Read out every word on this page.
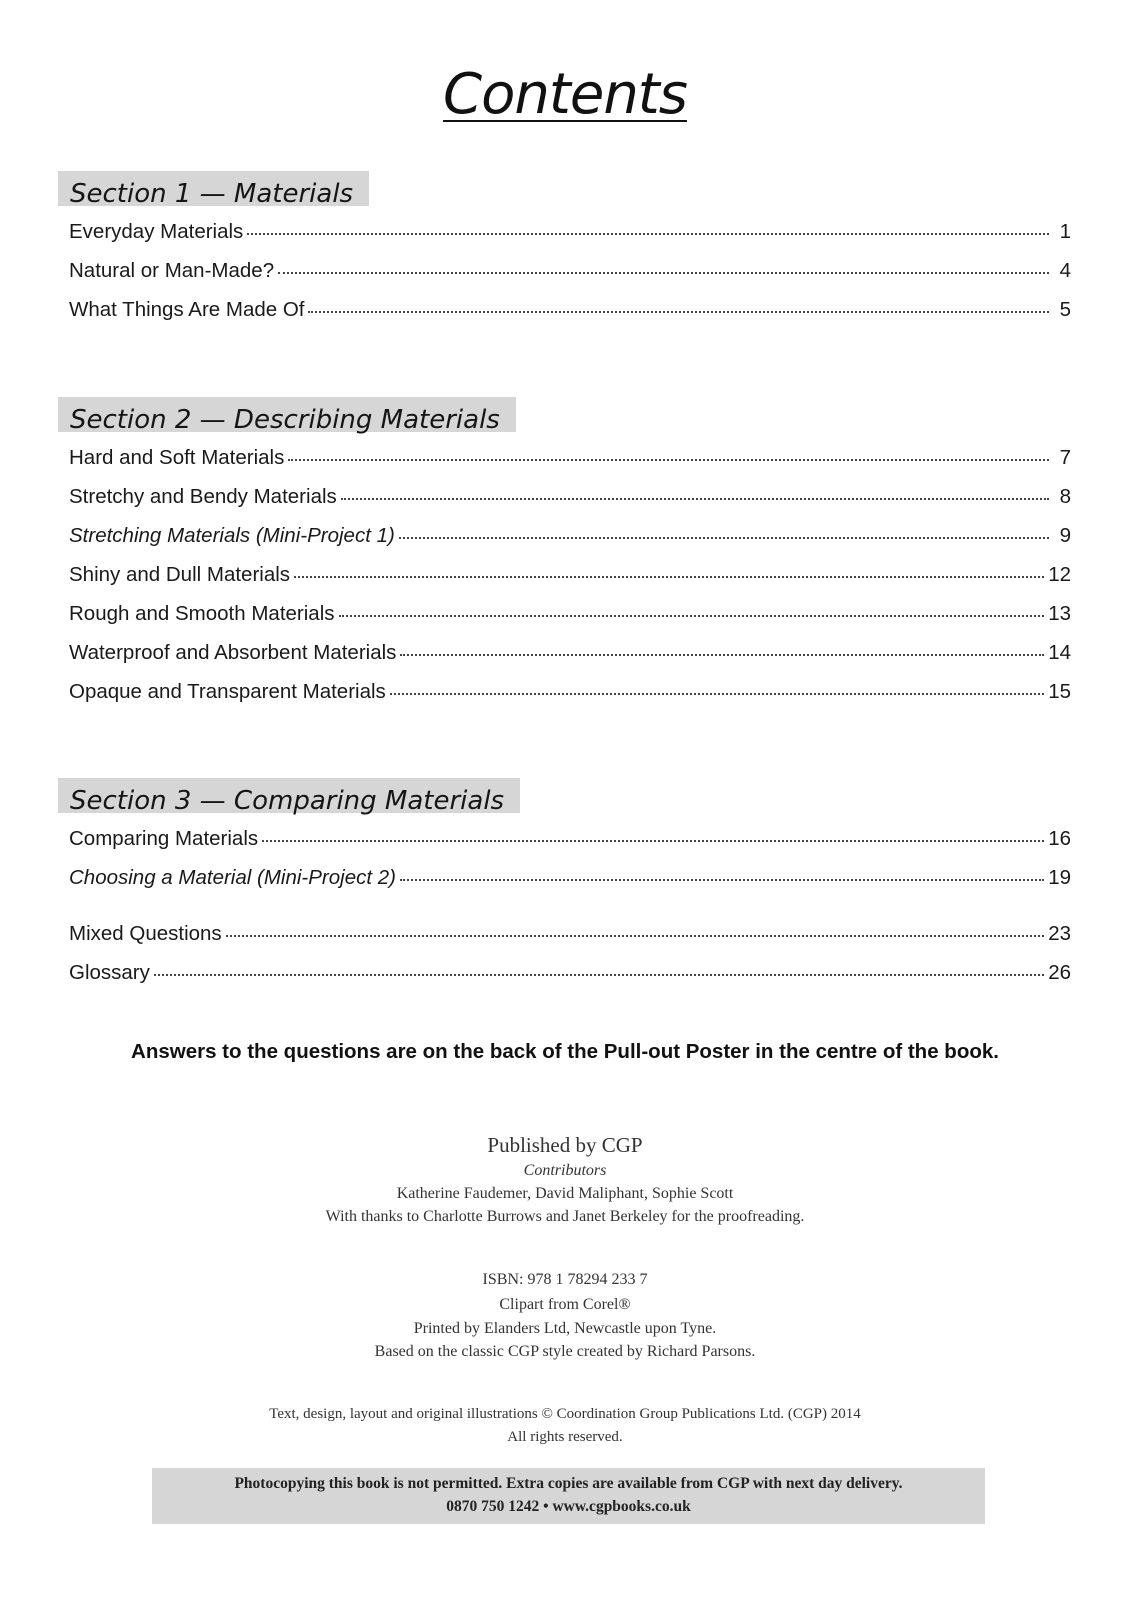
Contents
Section 1 — Materials
Everyday Materials	1
Natural or Man-Made?	4
What Things Are Made Of	5
Section 2 — Describing Materials
Hard and Soft Materials	7
Stretchy and Bendy Materials	8
Stretching Materials (Mini-Project 1)	9
Shiny and Dull Materials	12
Rough and Smooth Materials	13
Waterproof and Absorbent Materials	14
Opaque and Transparent Materials	15
Section 3 — Comparing Materials
Comparing Materials	16
Choosing a Material (Mini-Project 2)	19
Mixed Questions	23
Glossary	26
Answers to the questions are on the back of the Pull-out Poster in the centre of the book.
Published by CGP
Contributors
Katherine Faudemer, David Maliphant, Sophie Scott
With thanks to Charlotte Burrows and Janet Berkeley for the proofreading.
ISBN: 978 1 78294 233 7
Clipart from Corel®
Printed by Elanders Ltd, Newcastle upon Tyne.
Based on the classic CGP style created by Richard Parsons.
Text, design, layout and original illustrations © Coordination Group Publications Ltd. (CGP) 2014
All rights reserved.
Photocopying this book is not permitted. Extra copies are available from CGP with next day delivery.
0870 750 1242 • www.cgpbooks.co.uk
